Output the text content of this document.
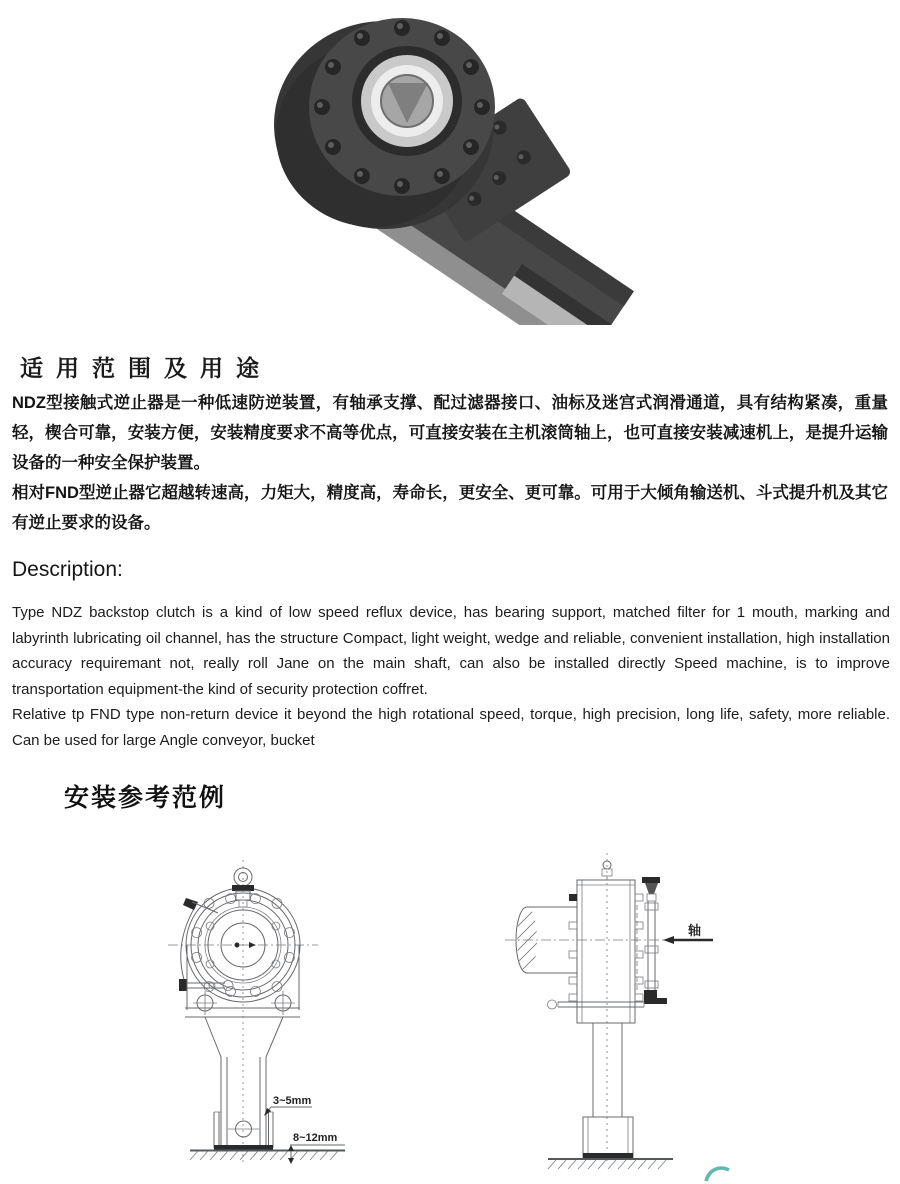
适用范围及用途

NDZ型接触式逆止器是一种低速防逆装置，有轴承支撑、配过滤器接口、油标及迷宫式润滑通道，具有结构紧凑，重量轻，楔合可靠，安装方便，安装精度要求不高等优点，可直接安装在主机滚筒轴上，也可直接安装减速机上，是提升运输设备的一种安全保护装置。

相对FND型逆止器它超越转速高，力矩大，精度高，寿命长，更安全、更可靠。可用于大倾角输送机、斗式提升机及其它有逆止要求的设备。

Description:

Type NDZ backstop clutch is a kind of low speed reflux device, has bearing support, matched filter for 1 mouth, marking and labyrinth lubricating oil channel, has the structure Compact, light weight, wedge and reliable, convenient installation, high installation accuracy requiremant not, really roll Jane on the main shaft, can also be installed directly Speed machine, is to improve transportation equipment-the kind of security protection coffret.

Relative tp FND type non-return device it beyond the high rotational speed, torque, high precision, long life, safety, more reliable. Can be used for large Angle conveyor, bucket

安装参考范例
3~5mm
8~12mm
轴
